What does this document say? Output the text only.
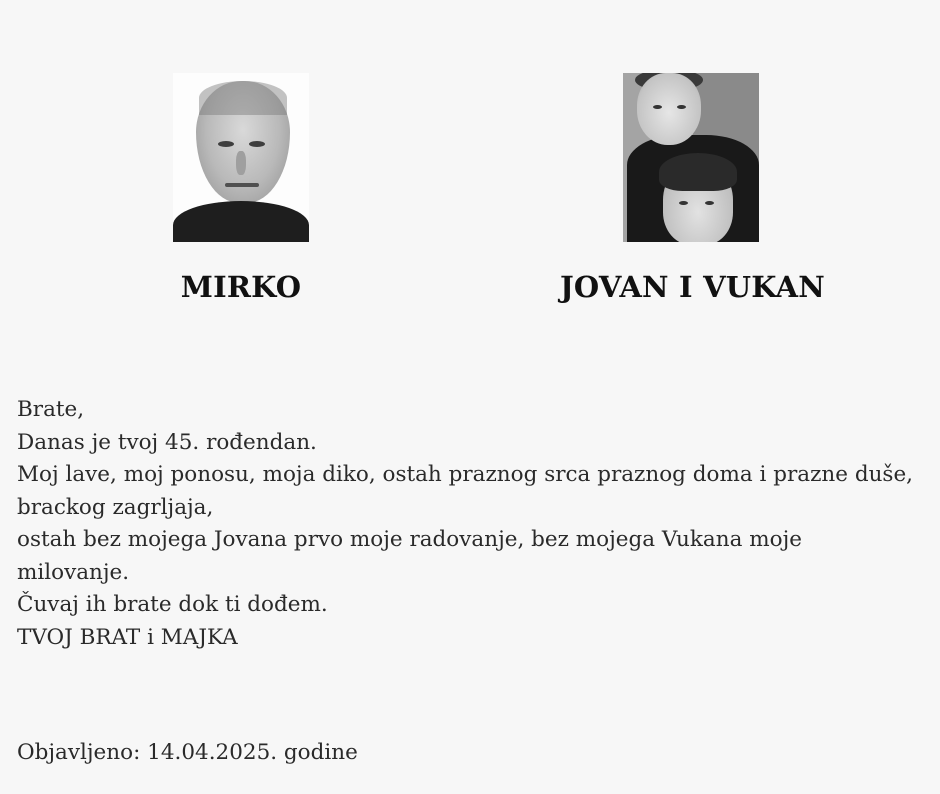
MIRKO	JOVAN I VUKAN
Brate,
Danas je tvoj 45. rođendan.
Moj lave, moj ponosu, moja diko, ostah praznog srca praznog doma i prazne duše,
brackog zagrljaja,
ostah bez mojega Jovana prvo moje radovanje, bez mojega Vukana moje milovanje.
Čuvaj ih brate dok ti dođem.
TVOJ BRAT i MAJKA
Objavljeno: 14.04.2025. godine
